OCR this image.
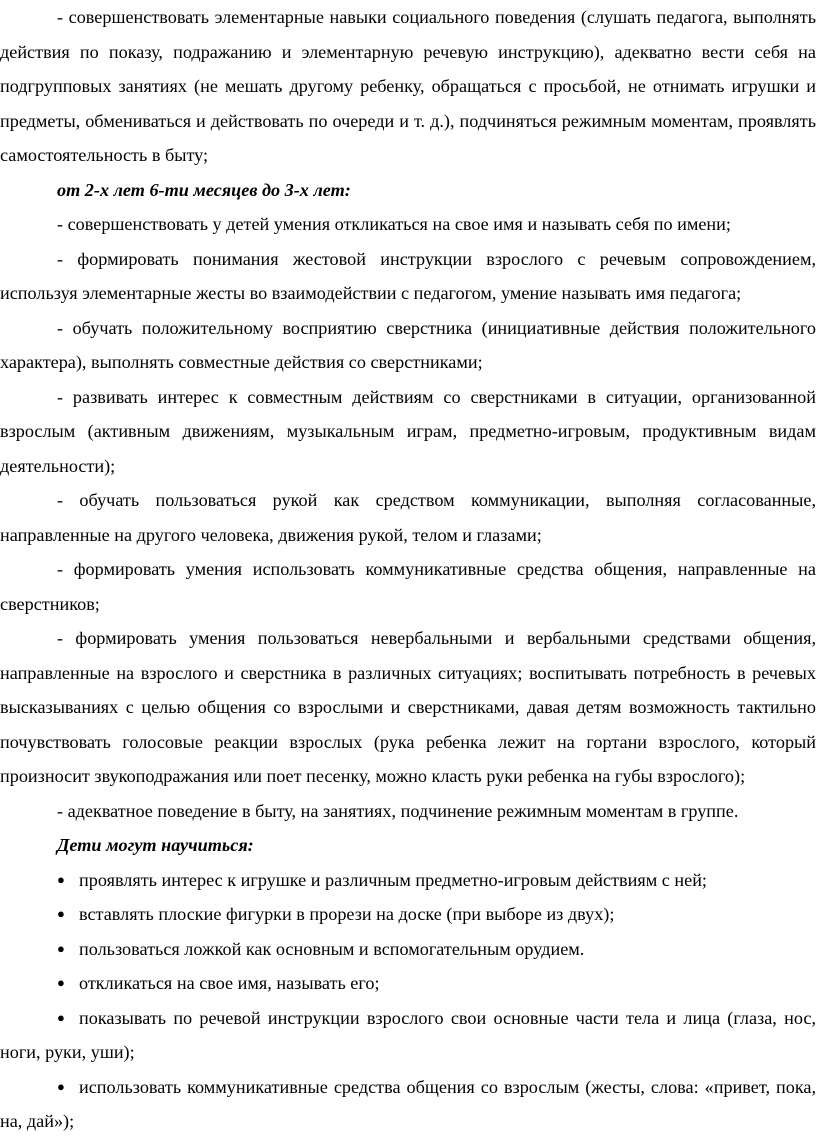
- совершенствовать элементарные навыки социального поведения (слушать педагога, выполнять действия по показу, подражанию и элементарную речевую инструкцию), адекватно вести себя на подгрупповых занятиях (не мешать другому ребенку, обращаться с просьбой, не отнимать игрушки и предметы, обмениваться и действовать по очереди и т. д.), подчиняться режимным моментам, проявлять самостоятельность в быту;

от 2-х лет 6-ти месяцев до 3-х лет:

- совершенствовать у детей умения откликаться на свое имя и называть себя по имени;

- формировать понимания жестовой инструкции взрослого с речевым сопровождением, используя элементарные жесты во взаимодействии с педагогом, умение называть имя педагога;

- обучать положительному восприятию сверстника (инициативные действия положительного характера), выполнять совместные действия со сверстниками;

- развивать интерес к совместным действиям со сверстниками в ситуации, организованной взрослым (активным движениям, музыкальным играм, предметно-игровым, продуктивным видам деятельности);

- обучать пользоваться рукой как средством коммуникации, выполняя согласованные, направленные на другого человека, движения рукой, телом и глазами;

- формировать умения использовать коммуникативные средства общения, направленные на сверстников;

- формировать умения пользоваться невербальными и вербальными средствами общения, направленные на взрослого и сверстника в различных ситуациях; воспитывать потребность в речевых высказываниях с целью общения со взрослыми и сверстниками, давая детям возможность тактильно почувствовать голосовые реакции взрослых (рука ребенка лежит на гортани взрослого, который произносит звукоподражания или поет песенку, можно класть руки ребенка на губы взрослого);

- адекватное поведение в быту, на занятиях, подчинение режимным моментам в группе.

Дети могут научиться:

● проявлять интерес к игрушке и различным предметно-игровым действиям с ней;

● вставлять плоские фигурки в прорези на доске (при выборе из двух);

● пользоваться ложкой как основным и вспомогательным орудием.

● откликаться на свое имя, называть его;

● показывать по речевой инструкции взрослого свои основные части тела и лица (глаза, нос, ноги, руки, уши);

● использовать коммуникативные средства общения со взрослым (жесты, слова: «привет, пока, на, дай»);
